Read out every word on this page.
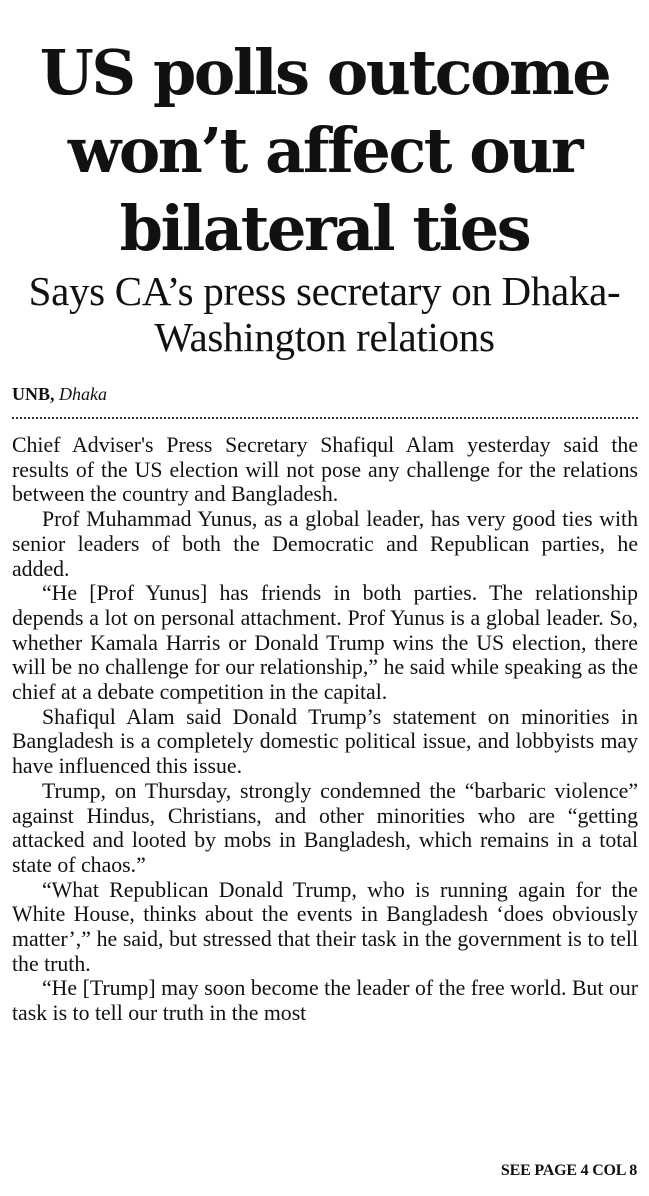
US polls outcome won’t affect our bilateral ties
Says CA’s press secretary on Dhaka-Washington relations
UNB, Dhaka

Chief Adviser's Press Secretary Shafiqul Alam yesterday said the results of the US election will not pose any challenge for the relations between the country and Bangladesh.

Prof Muhammad Yunus, as a global leader, has very good ties with senior leaders of both the Democratic and Republican parties, he added.

“He [Prof Yunus] has friends in both parties. The relationship depends a lot on personal attachment. Prof Yunus is a global leader. So, whether Kamala Harris or Donald Trump wins the US election, there will be no challenge for our relationship,” he said while speaking as the chief at a debate competition in the capital.

Shafiqul Alam said Donald Trump’s statement on minorities in Bangladesh is a completely domestic political issue, and lobbyists may have influenced this issue.

Trump, on Thursday, strongly condemned the “barbaric violence” against Hindus, Christians, and other minorities who are “getting attacked and looted by mobs in Bangladesh, which remains in a total state of chaos.”

“What Republican Donald Trump, who is running again for the White House, thinks about the events in Bangladesh ‘does obviously matter’,” he said, but stressed that their task in the government is to tell the truth.

“He [Trump] may soon become the leader of the free world. But our task is to tell our truth in the most

SEE PAGE 4 COL 8
